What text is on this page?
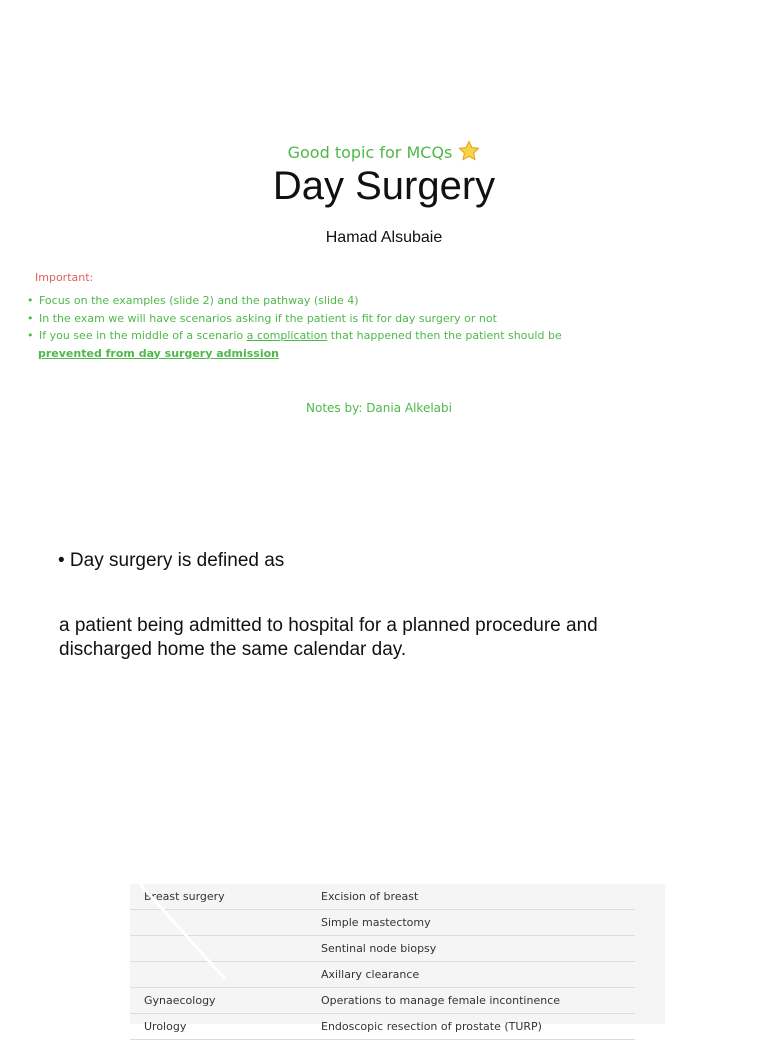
Good topic for MCQs
Day Surgery
Hamad Alsubaie
Important:
• Focus on the examples (slide 2) and the pathway (slide 4)
• In the exam we will have scenarios asking if the patient is fit for day surgery or not
• If you see in the middle of a scenario a complication that happened then the patient should be
prevented from day surgery admission
Notes by: Dania Alkelabi
• Day surgery is defined as
a patient being admitted to hospital for a planned procedure and discharged home the same calendar day.
Breast surgery	Excision of breast
	Simple mastectomy
	Sentinal node biopsy
	Axillary clearance
Gynaecology	Operations to manage female incontinence
Urology	Endoscopic resection of prostate (TURP)
